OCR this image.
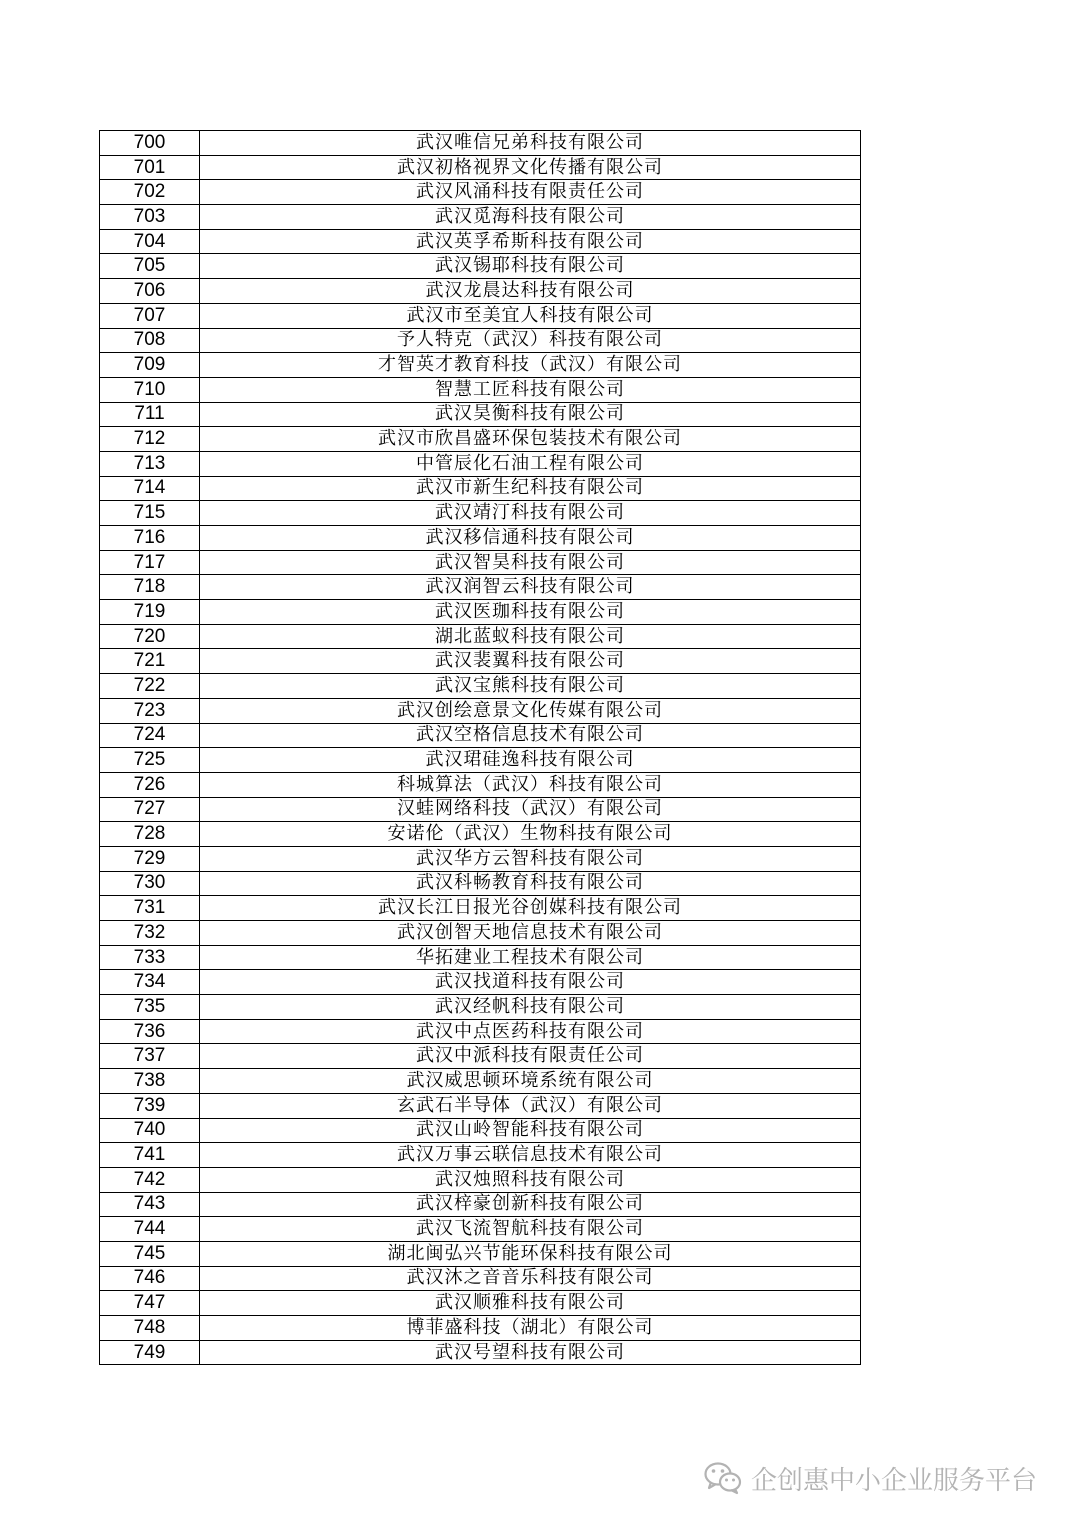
700	武汉唯信兄弟科技有限公司
701	武汉初格视界文化传播有限公司
702	武汉风涌科技有限责任公司
703	武汉觅海科技有限公司
704	武汉英孚希斯科技有限公司
705	武汉锡耶科技有限公司
706	武汉龙晨达科技有限公司
707	武汉市至美宜人科技有限公司
708	予人特克（武汉）科技有限公司
709	才智英才教育科技（武汉）有限公司
710	智慧工匠科技有限公司
711	武汉昊衡科技有限公司
712	武汉市欣昌盛环保包装技术有限公司
713	中管辰化石油工程有限公司
714	武汉市新生纪科技有限公司
715	武汉靖汀科技有限公司
716	武汉移信通科技有限公司
717	武汉智昊科技有限公司
718	武汉润智云科技有限公司
719	武汉医珈科技有限公司
720	湖北蓝蚁科技有限公司
721	武汉裴翼科技有限公司
722	武汉宝熊科技有限公司
723	武汉创绘意景文化传媒有限公司
724	武汉空格信息技术有限公司
725	武汉珺硅逸科技有限公司
726	科城算法（武汉）科技有限公司
727	汉蛙网络科技（武汉）有限公司
728	安诺伦（武汉）生物科技有限公司
729	武汉华方云智科技有限公司
730	武汉科畅教育科技有限公司
731	武汉长江日报光谷创媒科技有限公司
732	武汉创智天地信息技术有限公司
733	华拓建业工程技术有限公司
734	武汉找道科技有限公司
735	武汉经帆科技有限公司
736	武汉中点医药科技有限公司
737	武汉中派科技有限责任公司
738	武汉威思顿环境系统有限公司
739	玄武石半导体（武汉）有限公司
740	武汉山岭智能科技有限公司
741	武汉万事云联信息技术有限公司
742	武汉烛照科技有限公司
743	武汉梓豪创新科技有限公司
744	武汉飞流智航科技有限公司
745	湖北闽弘兴节能环保科技有限公司
746	武汉沐之音音乐科技有限公司
747	武汉顺雅科技有限公司
748	博菲盛科技（湖北）有限公司
749	武汉号望科技有限公司
企创惠中小企业服务平台
